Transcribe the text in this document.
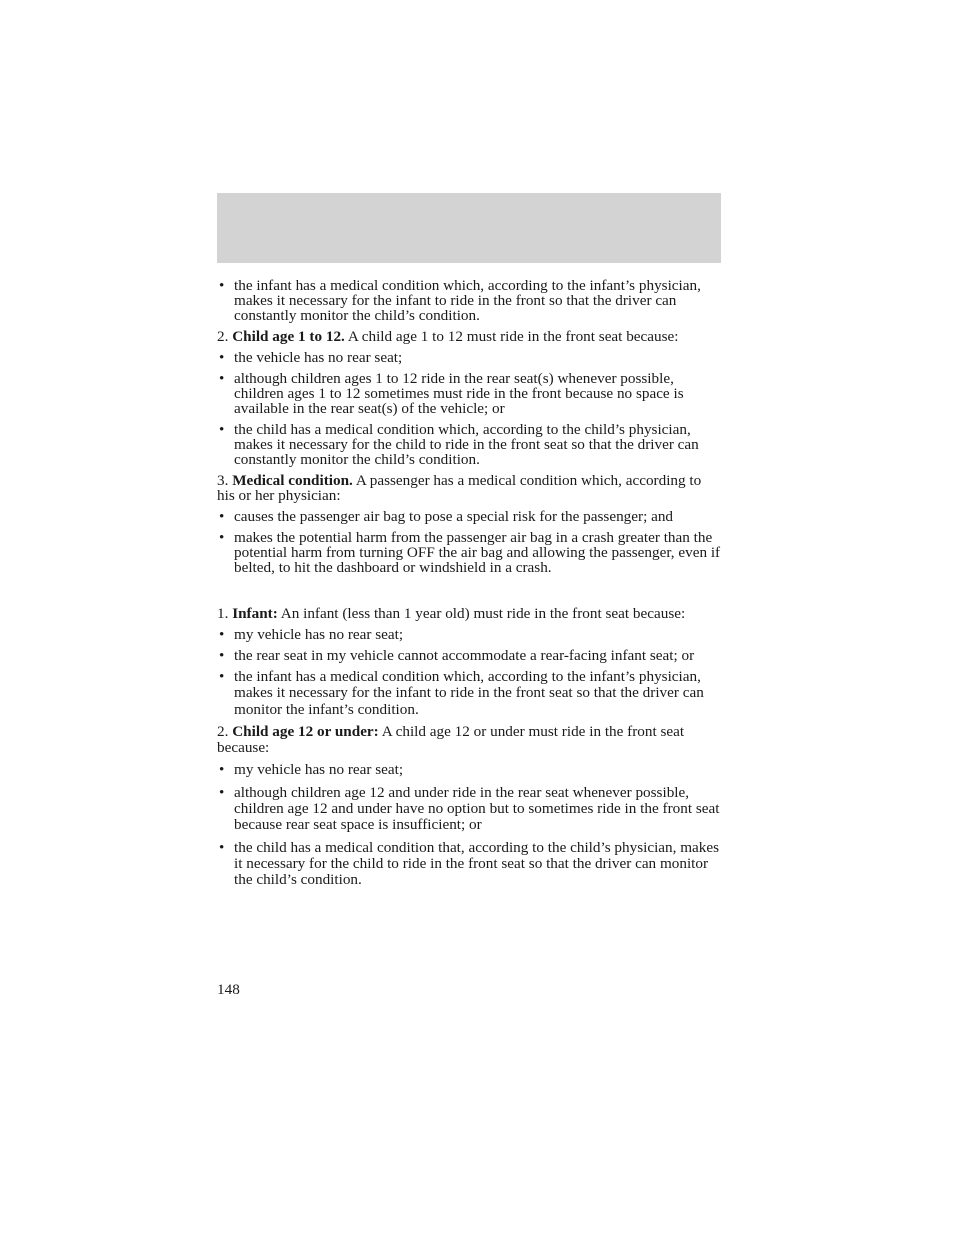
• the infant has a medical condition which, according to the infant’s physician, makes it necessary for the infant to ride in the front so that the driver can constantly monitor the child’s condition.

2. Child age 1 to 12. A child age 1 to 12 must ride in the front seat because:

• the vehicle has no rear seat;
• although children ages 1 to 12 ride in the rear seat(s) whenever possible, children ages 1 to 12 sometimes must ride in the front because no space is available in the rear seat(s) of the vehicle; or
• the child has a medical condition which, according to the child’s physician, makes it necessary for the child to ride in the front seat so that the driver can constantly monitor the child’s condition.

3. Medical condition. A passenger has a medical condition which, according to his or her physician:

• causes the passenger air bag to pose a special risk for the passenger; and
• makes the potential harm from the passenger air bag in a crash greater than the potential harm from turning OFF the air bag and allowing the passenger, even if belted, to hit the dashboard or windshield in a crash.

1. Infant: An infant (less than 1 year old) must ride in the front seat because:

• my vehicle has no rear seat;
• the rear seat in my vehicle cannot accommodate a rear-facing infant seat; or
• the infant has a medical condition which, according to the infant’s physician, makes it necessary for the infant to ride in the front seat so that the driver can monitor the infant’s condition.

2. Child age 12 or under: A child age 12 or under must ride in the front seat because:

• my vehicle has no rear seat;
• although children age 12 and under ride in the rear seat whenever possible, children age 12 and under have no option but to sometimes ride in the front seat because rear seat space is insufficient; or
• the child has a medical condition that, according to the child’s physician, makes it necessary for the child to ride in the front seat so that the driver can monitor the child’s condition.
148
